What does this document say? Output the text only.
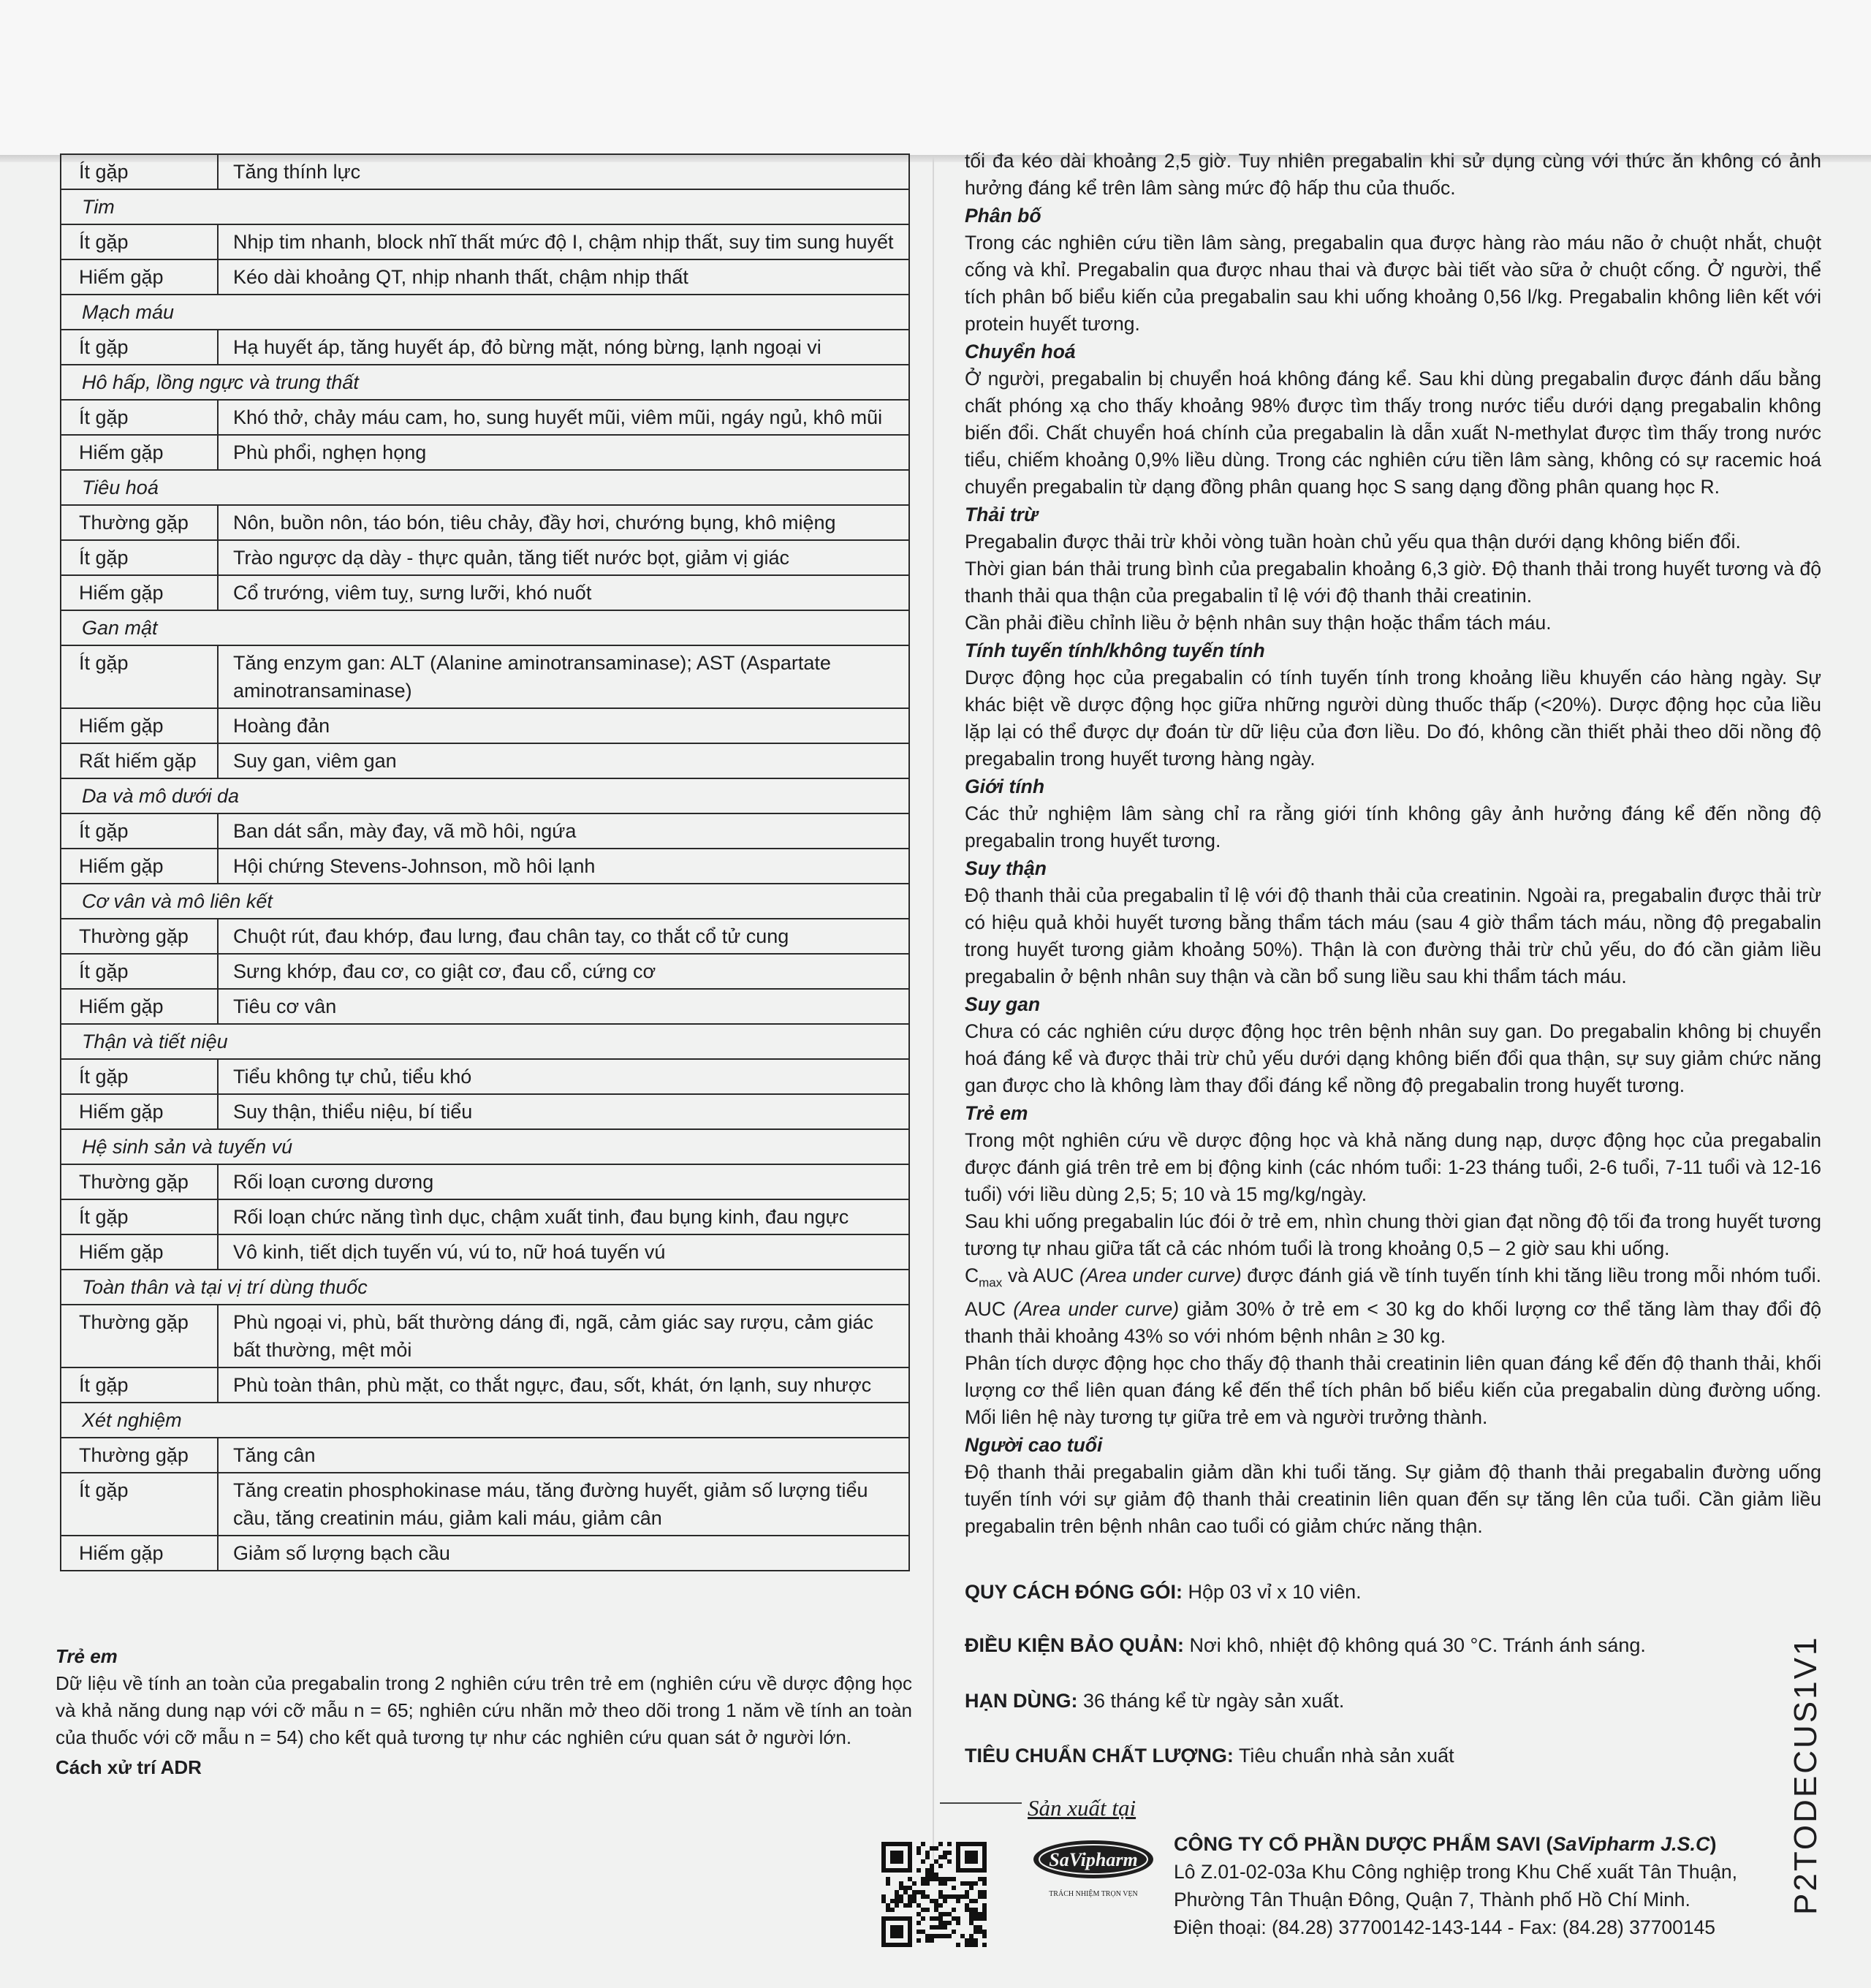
Ít gặp	Tăng thính lực
Tim	
Ít gặp	Nhịp tim nhanh, block nhĩ thất mức độ I, chậm nhịp thất, suy tim sung huyết
Hiếm gặp	Kéo dài khoảng QT, nhịp nhanh thất, chậm nhịp thất
Mạch máu	
Ít gặp	Hạ huyết áp, tăng huyết áp, đỏ bừng mặt, nóng bừng, lạnh ngoại vi
Hô hấp, lồng ngực và trung thất	
Ít gặp	Khó thở, chảy máu cam, ho, sung huyết mũi, viêm mũi, ngáy ngủ, khô mũi
Hiếm gặp	Phù phổi, nghẹn họng
Tiêu hoá	
Thường gặp	Nôn, buồn nôn, táo bón, tiêu chảy, đầy hơi, chướng bụng, khô miệng
Ít gặp	Trào ngược dạ dày - thực quản, tăng tiết nước bọt, giảm vị giác
Hiếm gặp	Cổ trướng, viêm tuỵ, sưng lưỡi, khó nuốt
Gan mật	
Ít gặp	Tăng enzym gan: ALT (Alanine aminotransaminase); AST (Aspartate aminotransaminase)
Hiếm gặp	Hoàng đản
Rất hiếm gặp	Suy gan, viêm gan
Da và mô dưới da	
Ít gặp	Ban dát sẩn, mày đay, vã mồ hôi, ngứa
Hiếm gặp	Hội chứng Stevens-Johnson, mồ hôi lạnh
Cơ vân và mô liên kết	
Thường gặp	Chuột rút, đau khớp, đau lưng, đau chân tay, co thắt cổ tử cung
Ít gặp	Sưng khớp, đau cơ, co giật cơ, đau cổ, cứng cơ
Hiếm gặp	Tiêu cơ vân
Thận và tiết niệu	
Ít gặp	Tiểu không tự chủ, tiểu khó
Hiếm gặp	Suy thận, thiểu niệu, bí tiểu
Hệ sinh sản và tuyến vú	
Thường gặp	Rối loạn cương dương
Ít gặp	Rối loạn chức năng tình dục, chậm xuất tinh, đau bụng kinh, đau ngực
Hiếm gặp	Vô kinh, tiết dịch tuyến vú, vú to, nữ hoá tuyến vú
Toàn thân và tại vị trí dùng thuốc	
Thường gặp	Phù ngoại vi, phù, bất thường dáng đi, ngã, cảm giác say rượu, cảm giác bất thường, mệt mỏi
Ít gặp	Phù toàn thân, phù mặt, co thắt ngực, đau, sốt, khát, ớn lạnh, suy nhược
Xét nghiệm	
Thường gặp	Tăng cân
Ít gặp	Tăng creatin phosphokinase máu, tăng đường huyết, giảm số lượng tiểu cầu, tăng creatinin máu, giảm kali máu, giảm cân
Hiếm gặp	Giảm số lượng bạch cầu
Trẻ em

Dữ liệu về tính an toàn của pregabalin trong 2 nghiên cứu trên trẻ em (nghiên cứu về dược động học và khả năng dung nạp với cỡ mẫu n = 65; nghiên cứu nhãn mở theo dõi trong 1 năm về tính an toàn của thuốc với cỡ mẫu n = 54) cho kết quả tương tự như các nghiên cứu quan sát ở người lớn.

Cách xử trí ADR

tối đa kéo dài khoảng 2,5 giờ. Tuy nhiên pregabalin khi sử dụng cùng với thức ăn không có ảnh hưởng đáng kể trên lâm sàng mức độ hấp thu của thuốc.

Phân bố

Trong các nghiên cứu tiền lâm sàng, pregabalin qua được hàng rào máu não ở chuột nhắt, chuột cống và khỉ. Pregabalin qua được nhau thai và được bài tiết vào sữa ở chuột cống. Ở người, thể tích phân bố biểu kiến của pregabalin sau khi uống khoảng 0,56 l/kg. Pregabalin không liên kết với protein huyết tương.

Chuyển hoá

Ở người, pregabalin bị chuyển hoá không đáng kể. Sau khi dùng pregabalin được đánh dấu bằng chất phóng xạ cho thấy khoảng 98% được tìm thấy trong nước tiểu dưới dạng pregabalin không biến đổi. Chất chuyển hoá chính của pregabalin là dẫn xuất N-methylat được tìm thấy trong nước tiểu, chiếm khoảng 0,9% liều dùng. Trong các nghiên cứu tiền lâm sàng, không có sự racemic hoá chuyển pregabalin từ dạng đồng phân quang học S sang dạng đồng phân quang học R.

Thải trừ

Pregabalin được thải trừ khỏi vòng tuần hoàn chủ yếu qua thận dưới dạng không biến đổi.

Thời gian bán thải trung bình của pregabalin khoảng 6,3 giờ. Độ thanh thải trong huyết tương và độ thanh thải qua thận của pregabalin tỉ lệ với độ thanh thải creatinin.

Cần phải điều chỉnh liều ở bệnh nhân suy thận hoặc thẩm tách máu.

Tính tuyến tính/không tuyến tính

Dược động học của pregabalin có tính tuyến tính trong khoảng liều khuyến cáo hàng ngày. Sự khác biệt về dược động học giữa những người dùng thuốc thấp (<20%). Dược động học của liều lặp lại có thể được dự đoán từ dữ liệu của đơn liều. Do đó, không cần thiết phải theo dõi nồng độ pregabalin trong huyết tương hàng ngày.

Giới tính

Các thử nghiệm lâm sàng chỉ ra rằng giới tính không gây ảnh hưởng đáng kể đến nồng độ pregabalin trong huyết tương.

Suy thận

Độ thanh thải của pregabalin tỉ lệ với độ thanh thải của creatinin. Ngoài ra, pregabalin được thải trừ có hiệu quả khỏi huyết tương bằng thẩm tách máu (sau 4 giờ thẩm tách máu, nồng độ pregabalin trong huyết tương giảm khoảng 50%). Thận là con đường thải trừ chủ yếu, do đó cần giảm liều pregabalin ở bệnh nhân suy thận và cần bổ sung liều sau khi thẩm tách máu.

Suy gan

Chưa có các nghiên cứu dược động học trên bệnh nhân suy gan. Do pregabalin không bị chuyển hoá đáng kể và được thải trừ chủ yếu dưới dạng không biến đổi qua thận, sự suy giảm chức năng gan được cho là không làm thay đổi đáng kể nồng độ pregabalin trong huyết tương.

Trẻ em

Trong một nghiên cứu về dược động học và khả năng dung nạp, dược động học của pregabalin được đánh giá trên trẻ em bị động kinh (các nhóm tuổi: 1-23 tháng tuổi, 2-6 tuổi, 7-11 tuổi và 12-16 tuổi) với liều dùng 2,5; 5; 10 và 15 mg/kg/ngày.

Sau khi uống pregabalin lúc đói ở trẻ em, nhìn chung thời gian đạt nồng độ tối đa trong huyết tương tương tự nhau giữa tất cả các nhóm tuổi là trong khoảng 0,5 – 2 giờ sau khi uống.

$C_{max}$ và AUC (Area under curve) được đánh giá về tính tuyến tính khi tăng liều trong mỗi nhóm tuổi. AUC (Area under curve) giảm 30% ở trẻ em < 30 kg do khối lượng cơ thể tăng làm thay đổi độ thanh thải khoảng 43% so với nhóm bệnh nhân ≥ 30 kg.

Phân tích dược động học cho thấy độ thanh thải creatinin liên quan đáng kể đến độ thanh thải, khối lượng cơ thể liên quan đáng kể đến thể tích phân bố biểu kiến của pregabalin dùng đường uống. Mối liên hệ này tương tự giữa trẻ em và người trưởng thành.

Người cao tuổi

Độ thanh thải pregabalin giảm dần khi tuổi tăng. Sự giảm độ thanh thải pregabalin đường uống tuyến tính với sự giảm độ thanh thải creatinin liên quan đến sự tăng lên của tuổi. Cần giảm liều pregabalin trên bệnh nhân cao tuổi có giảm chức năng thận.

QUY CÁCH ĐÓNG GÓI: Hộp 03 vỉ x 10 viên.
ĐIỀU KIỆN BẢO QUẢN: Nơi khô, nhiệt độ không quá 30 °C. Tránh ánh sáng.
HẠN DÙNG: 36 tháng kể từ ngày sản xuất.
TIÊU CHUẨN CHẤT LƯỢNG: Tiêu chuẩn nhà sản xuất
Sản xuất tại
SaVipharm
TRÁCH NHIỆM TRỌN VẸN
CÔNG TY CỔ PHẦN DƯỢC PHẨM SAVI (SaVipharm J.S.C)
Lô Z.01-02-03a Khu Công nghiệp trong Khu Chế xuất Tân Thuận,
Phường Tân Thuận Đông, Quận 7, Thành phố Hồ Chí Minh.
Điện thoại: (84.28) 37700142-143-144 - Fax: (84.28) 37700145
P2TODECUS1V1
